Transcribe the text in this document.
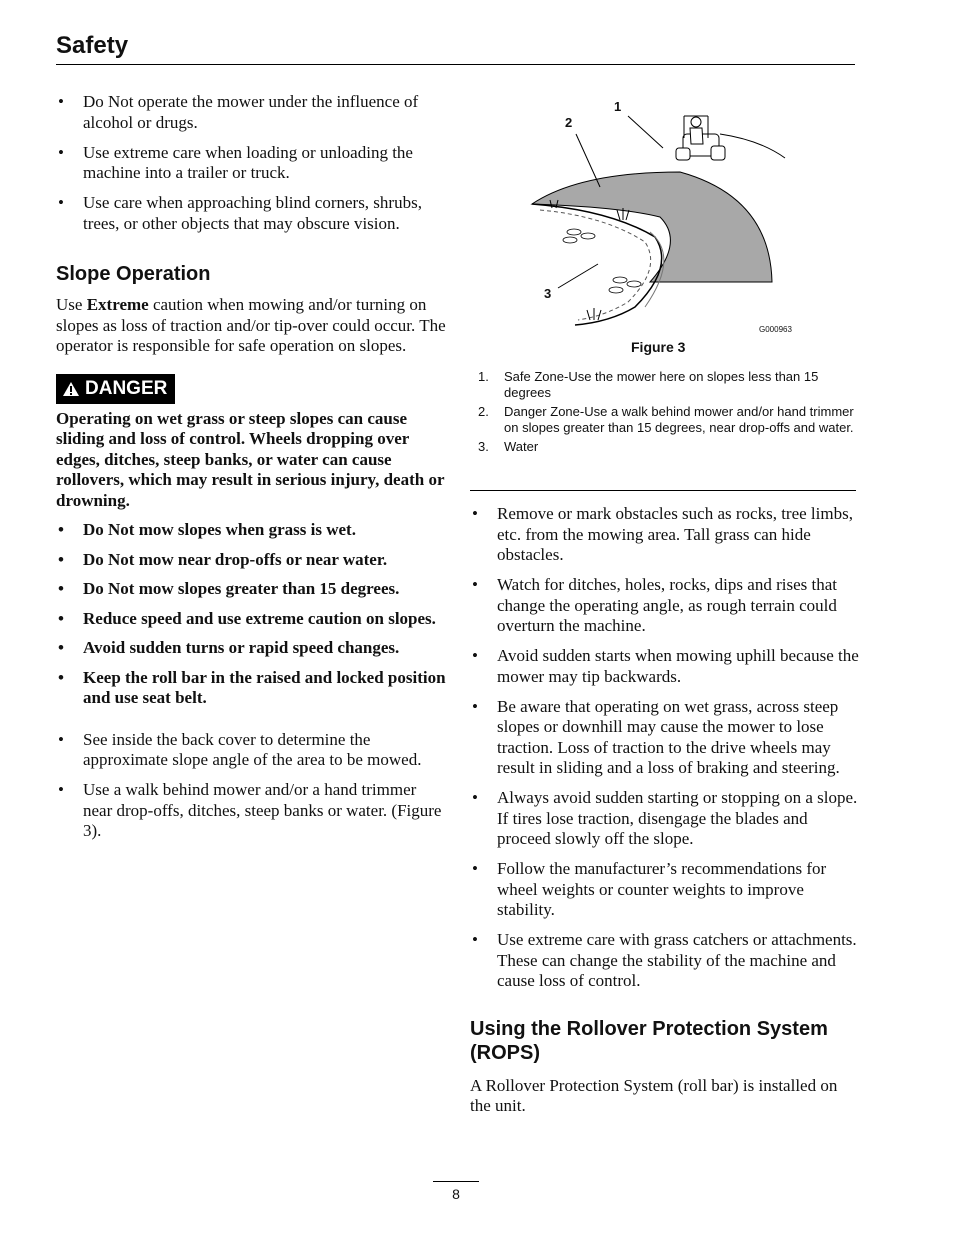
Safety
• Do Not operate the mower under the influence of alcohol or drugs.
• Use extreme care when loading or unloading the machine into a trailer or truck.
• Use care when approaching blind corners, shrubs, trees, or other objects that may obscure vision.
Slope Operation

Use Extreme caution when mowing and/or turning on slopes as loss of traction and/or tip-over could occur. The operator is responsible for safe operation on slopes.

DANGER

Operating on wet grass or steep slopes can cause sliding and loss of control. Wheels dropping over edges, ditches, steep banks, or water can cause rollovers, which may result in serious injury, death or drowning.

• Do Not mow slopes when grass is wet.
• Do Not mow near drop-offs or near water.
• Do Not mow slopes greater than 15 degrees.
• Reduce speed and use extreme caution on slopes.
• Avoid sudden turns or rapid speed changes.
• Keep the roll bar in the raised and locked position and use seat belt.
• See inside the back cover to determine the approximate slope angle of the area to be mowed.
• Use a walk behind mower and/or a hand trimmer near drop-offs, ditches, steep banks or water. (Figure 3).
1
2
3
G000963
Figure 3
1. Safe Zone-Use the mower here on slopes less than 15 degrees
2. Danger Zone-Use a walk behind mower and/or hand trimmer on slopes greater than 15 degrees, near drop-offs and water.
3. Water
• Remove or mark obstacles such as rocks, tree limbs, etc. from the mowing area. Tall grass can hide obstacles.
• Watch for ditches, holes, rocks, dips and rises that change the operating angle, as rough terrain could overturn the machine.
• Avoid sudden starts when mowing uphill because the mower may tip backwards.
• Be aware that operating on wet grass, across steep slopes or downhill may cause the mower to lose traction. Loss of traction to the drive wheels may result in sliding and a loss of braking and steering.
• Always avoid sudden starting or stopping on a slope. If tires lose traction, disengage the blades and proceed slowly off the slope.
• Follow the manufacturer’s recommendations for wheel weights or counter weights to improve stability.
• Use extreme care with grass catchers or attachments. These can change the stability of the machine and cause loss of control.
Using the Rollover Protection System (ROPS)

A Rollover Protection System (roll bar) is installed on the unit.

8
